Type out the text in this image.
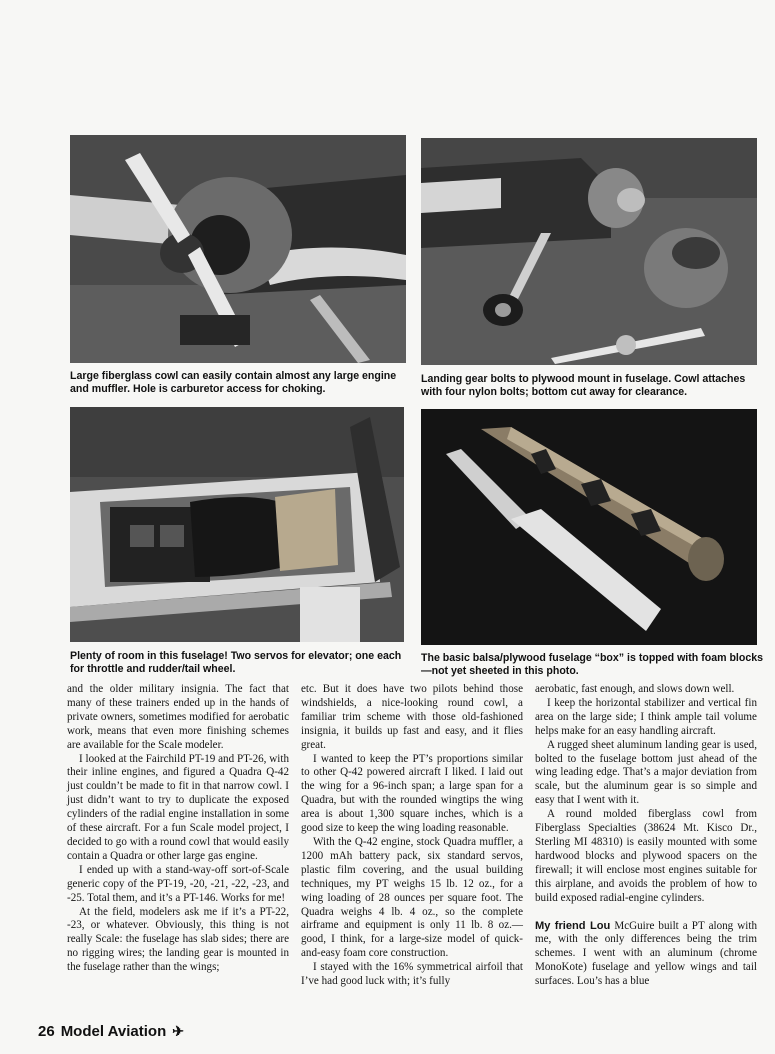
Large fiberglass cowl can easily contain almost any large engine and muffler. Hole is carburetor access for choking.
Landing gear bolts to plywood mount in fuselage. Cowl attaches with four nylon bolts; bottom cut away for clearance.
Plenty of room in this fuselage! Two servos for elevator; one each for throttle and rudder/tail wheel.
The basic balsa/plywood fuselage “box” is topped with foam blocks—not yet sheeted in this photo.

and the older military insignia. The fact that many of these trainers ended up in the hands of private owners, sometimes modified for aerobatic work, means that even more finishing schemes are available for the Scale modeler.

I looked at the Fairchild PT-19 and PT-26, with their inline engines, and figured a Quadra Q-42 just couldn’t be made to fit in that narrow cowl. I just didn’t want to try to duplicate the exposed cylinders of the radial engine installation in some of these aircraft. For a fun Scale model project, I decided to go with a round cowl that would easily contain a Quadra or other large gas engine.

I ended up with a stand-way-off sort-of-Scale generic copy of the PT-19, -20, -21, -22, -23, and -25. Total them, and it’s a PT-146. Works for me!

At the field, modelers ask me if it’s a PT-22, -23, or whatever. Obviously, this thing is not really Scale: the fuselage has slab sides; there are no rigging wires; the landing gear is mounted in the fuselage rather than the wings;

etc. But it does have two pilots behind those windshields, a nice-looking round cowl, a familiar trim scheme with those old-fashioned insignia, it builds up fast and easy, and it flies great.

I wanted to keep the PT’s proportions similar to other Q-42 powered aircraft I liked. I laid out the wing for a 96-inch span; a large span for a Quadra, but with the rounded wingtips the wing area is about 1,300 square inches, which is a good size to keep the wing loading reasonable.

With the Q-42 engine, stock Quadra muffler, a 1200 mAh battery pack, six standard servos, plastic film covering, and the usual building techniques, my PT weighs 15 lb. 12 oz., for a wing loading of 28 ounces per square foot. The Quadra weighs 4 lb. 4 oz., so the complete airframe and equipment is only 11 lb. 8 oz.—good, I think, for a large-size model of quick-and-easy foam core construction.

I stayed with the 16% symmetrical airfoil that I’ve had good luck with; it’s fully

aerobatic, fast enough, and slows down well.

I keep the horizontal stabilizer and vertical fin area on the large side; I think ample tail volume helps make for an easy handling aircraft.

A rugged sheet aluminum landing gear is used, bolted to the fuselage bottom just ahead of the wing leading edge. That’s a major deviation from scale, but the aluminum gear is so simple and easy that I went with it.

A round molded fiberglass cowl from Fiberglass Specialties (38624 Mt. Kisco Dr., Sterling MI 48310) is easily mounted with some hardwood blocks and plywood spacers on the firewall; it will enclose most engines suitable for this airplane, and avoids the problem of how to build exposed radial-engine cylinders.

My friend Lou McGuire built a PT along with me, with the only differences being the trim schemes. I went with an aluminum (chrome MonoKote) fuselage and yellow wings and tail surfaces. Lou’s has a blue

26 Model Aviation ✈
